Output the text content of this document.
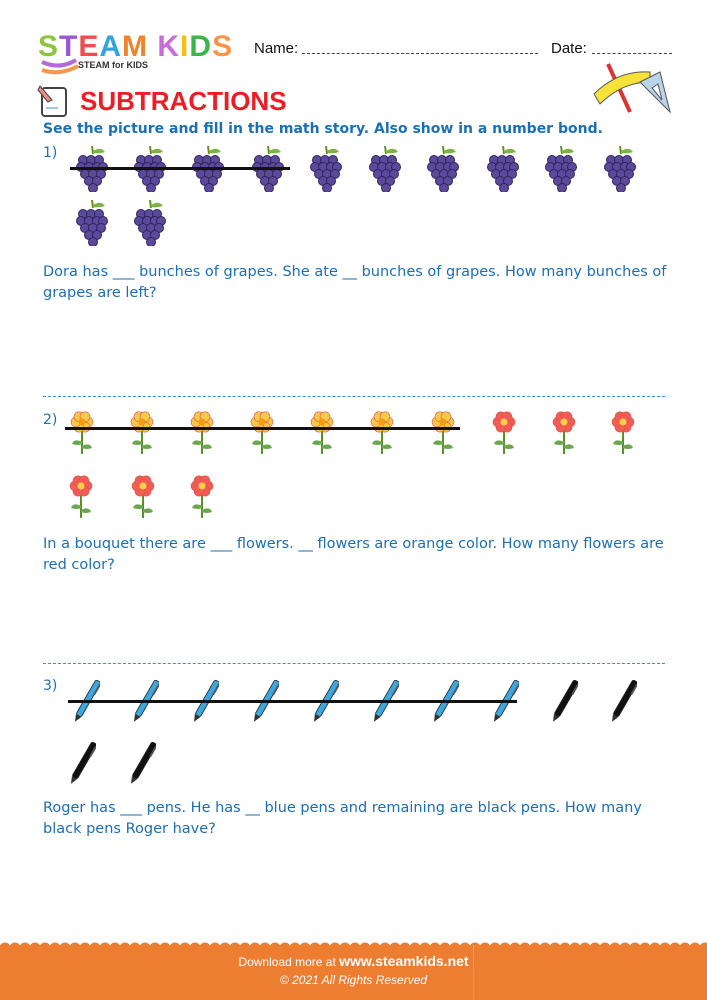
STEAM KIDS
STEAM for KIDS
Name:	Date:
SUBTRACTIONS
See the picture and fill in the math story. Also show in a number bond.
1)
Dora has ___ bunches of grapes. She ate __ bunches of grapes. How many bunches of grapes are left?
2)
In a bouquet there are ___ flowers. __ flowers are orange color. How many flowers are red color?
3)
Roger has ___ pens. He has __ blue pens and remaining are black pens. How many black pens Roger have?
Download more at www.steamkids.net
© 2021 All Rights Reserved
